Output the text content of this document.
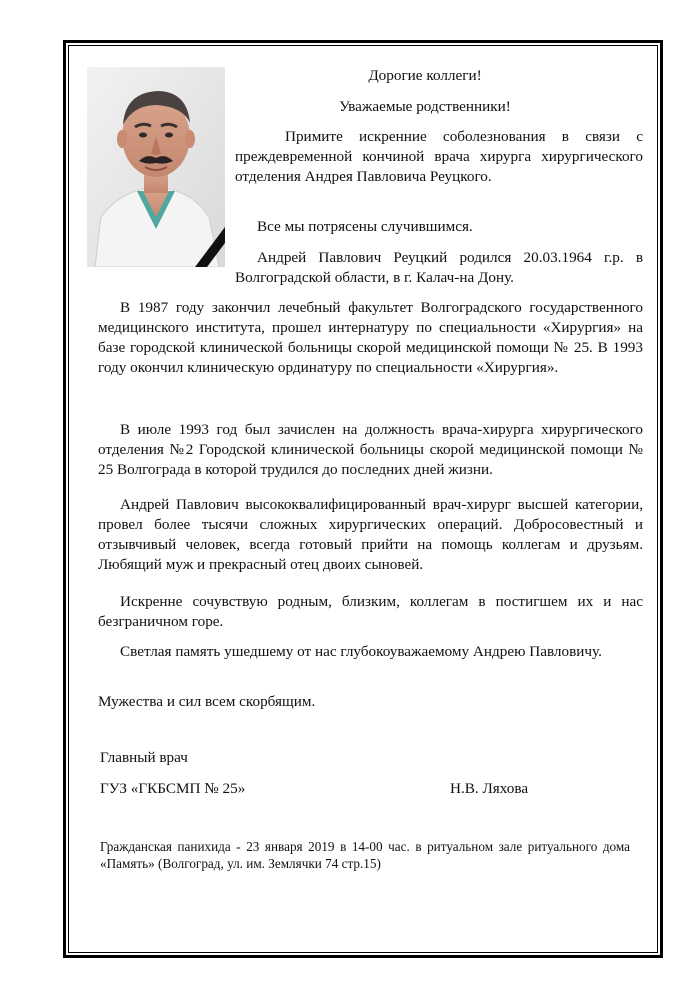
Дорогие коллеги!

Уважаемые родственники!

Примите искренние соболезнования в связи с преждевременной кончиной врача хирурга хирургического отделения Андрея Павловича Реуцкого.

Все мы потрясены случившимся.

Андрей Павлович Реуцкий родился 20.03.1964 г.р. в Волгоградской области, в г. Калач-на Дону.

В 1987 году закончил лечебный факультет Волгоградского государственного медицинского института, прошел интернатуру по специальности «Хирургия» на базе городской клинической больницы скорой медицинской помощи № 25. В 1993 году окончил клиническую ординатуру по специальности «Хирургия».

В июле 1993 год был зачислен на должность врача-хирурга хирургического отделения №2 Городской клинической больницы скорой медицинской помощи № 25 Волгограда в которой трудился до последних дней жизни.

Андрей Павлович высококвалифицированный врач-хирург высшей категории, провел более тысячи сложных хирургических операций. Добросовестный и отзывчивый человек, всегда готовый прийти на помощь коллегам и друзьям. Любящий муж и прекрасный отец двоих сыновей.

Искренне сочувствую родным, близким, коллегам в постигшем их и нас безграничном горе.

Светлая память ушедшему от нас глубокоуважаемому Андрею Павловичу.

Мужества и сил всем скорбящим.

Главный врач

ГУЗ «ГКБСМП № 25»	Н.В. Ляхова

Гражданская панихида - 23 января 2019 в 14-00 час. в ритуальном зале ритуального дома «Память» (Волгоград, ул. им. Землячки 74 стр.15)
